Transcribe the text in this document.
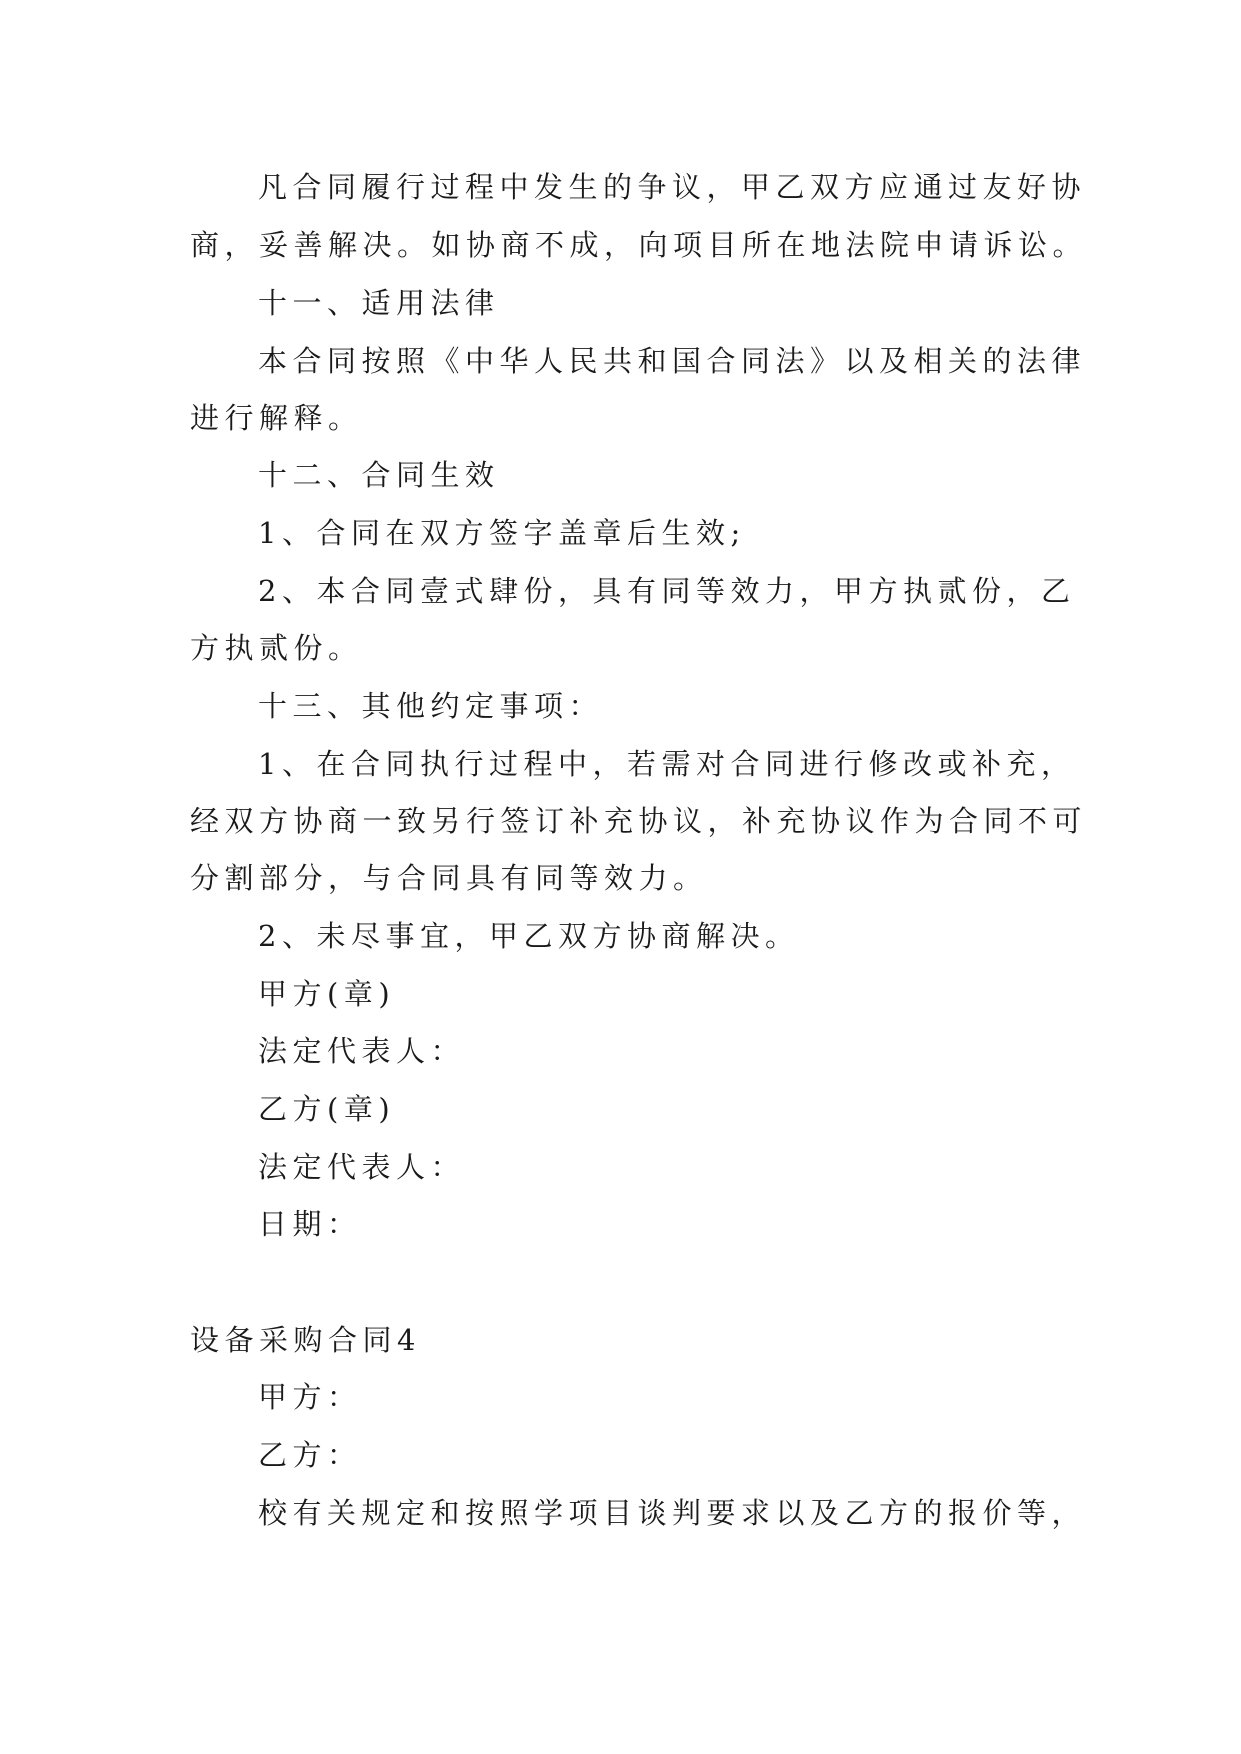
凡合同履行过程中发生的争议，甲乙双方应通过友好协

商，妥善解决。如协商不成，向项目所在地法院申请诉讼。

十一、适用法律

本合同按照《中华人民共和国合同法》以及相关的法律

进行解释。

十二、合同生效

1、合同在双方签字盖章后生效;

2、本合同壹式肆份，具有同等效力，甲方执贰份，乙

方执贰份。

十三、其他约定事项：

1、在合同执行过程中，若需对合同进行修改或补充，

经双方协商一致另行签订补充协议，补充协议作为合同不可

分割部分，与合同具有同等效力。

2、未尽事宜，甲乙双方协商解决。

甲方(章)

法定代表人：

乙方(章)

法定代表人：

日期：

设备采购合同4

甲方：

乙方：

校有关规定和按照学项目谈判要求以及乙方的报价等，
